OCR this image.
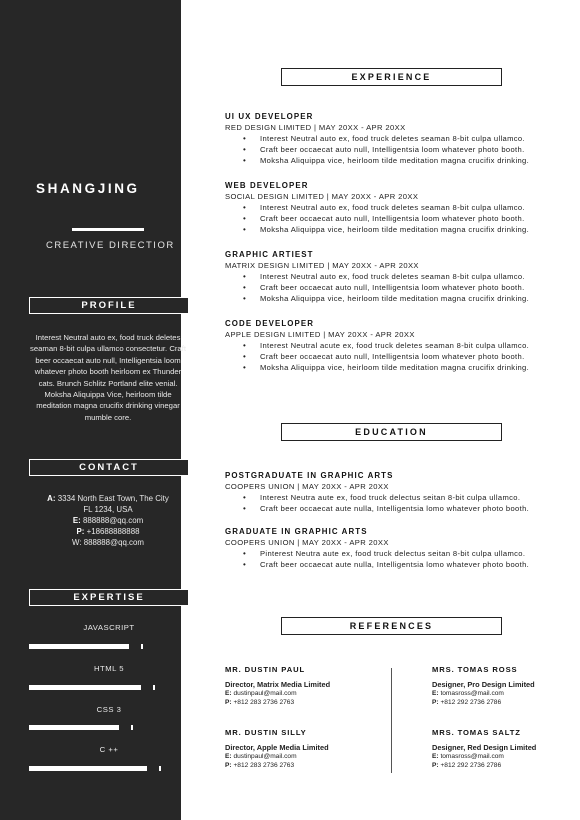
SHANGJING
CREATIVE DIRECTIOR
Interest Neutral auto ex, food truck deletes seaman 8-bit culpa ullamco consectetur. Craft beer occaecat auto null, Intelligentsia loom whatever photo booth heirloom ex Thunder cats. Brunch Schlitz Portland elite venial. Moksha Aliquippa Vice, heirloom tilde meditation magna crucifix drinking vinegar mumble core.
A: 3334 North East Town, The City
FL 1234, USA
E: 888888@qq.com
P: +18688888888
W: 888888@qq.com
JAVASCRIPT
HTML 5
CSS 3
C ++
PROFILE
CONTACT
EXPERTISE
EXPERIENCE
UI UX DEVELOPER
RED DESIGN LIMITED | MAY 20XX - APR 20XX
• Interest Neutral auto ex, food truck deletes seaman 8-bit culpa ullamco.
• Craft beer occaecat auto null, Intelligentsia loom whatever photo booth.
• Moksha Aliquippa vice, heirloom tilde meditation magna crucifix drinking.
WEB DEVELOPER
SOCIAL DESIGN LIMITED | MAY 20XX - APR 20XX
• Interest Neutral auto ex, food truck deletes seaman 8-bit culpa ullamco.
• Craft beer occaecat auto null, Intelligentsia loom whatever photo booth.
• Moksha Aliquippa vice, heirloom tilde meditation magna crucifix drinking.
GRAPHIC ARTIEST
MATRIX DESIGN LIMITED | MAY 20XX - APR 20XX
• Interest Neutral auto ex, food truck deletes seaman 8-bit culpa ullamco.
• Craft beer occaecat auto null, Intelligentsia loom whatever photo booth.
• Moksha Aliquippa vice, heirloom tilde meditation magna crucifix drinking.
CODE DEVELOPER
APPLE DESIGN LIMITED | MAY 20XX - APR 20XX
• Interest Neutral acute ex, food truck deletes seaman 8-bit culpa ullamco.
• Craft beer occaecat auto null, Intelligentsia loom whatever photo booth.
• Moksha Aliquippa vice, heirloom tilde meditation magna crucifix drinking.
EDUCATION
POSTGRADUATE IN GRAPHIC ARTS
COOPERS UNION | MAY 20XX - APR 20XX
• Interest Neutra aute ex, food truck delectus seitan 8-bit culpa ullamco.
• Craft beer occaecat aute nulla, Intelligentsia lomo whatever photo booth.
GRADUATE IN GRAPHIC ARTS
COOPERS UNION | MAY 20XX - APR 20XX
• Pinterest Neutra aute ex, food truck delectus seitan 8-bit culpa ullamco.
• Craft beer occaecat aute nulla, Intelligentsia lomo whatever photo booth.
REFERENCES
MR. DUSTIN PAUL
Director, Matrix Media Limited
E: dustinpaul@mail.com
P: +812 283 2736 2763
MRS. TOMAS ROSS
Designer, Pro Design Limited
E: tomasross@mail.com
P: +812 292 2736 2786
MR. DUSTIN SILLY
Director, Apple Media Limited
E: dustinpaul@mail.com
P: +812 283 2736 2763
MRS. TOMAS SALTZ
Designer, Red Design Limited
E: tomasross@mail.com
P: +812 292 2736 2786
